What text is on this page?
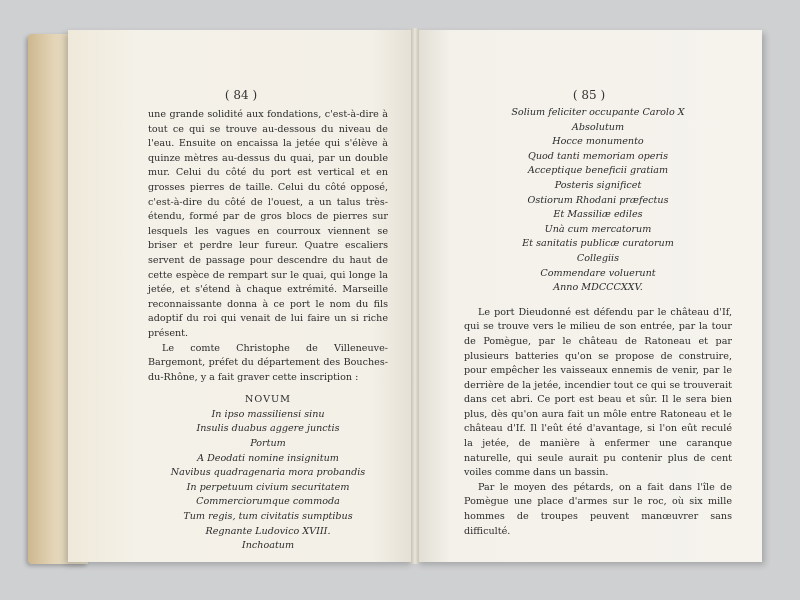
( 84 )

une grande solidité aux fondations, c'est-à-dire à tout ce qui se trouve au-dessous du niveau de l'eau. Ensuite on encaissa la jetée qui s'élève à quinze mètres au-dessus du quai, par un double mur. Celui du côté du port est vertical et en grosses pierres de taille. Celui du côté opposé, c'est-à-dire du côté de l'ouest, a un talus très-étendu, formé par de gros blocs de pierres sur lesquels les vagues en courroux viennent se briser et perdre leur fureur. Quatre escaliers servent de passage pour descendre du haut de cette espèce de rempart sur le quai, qui longe la jetée, et s'étend à chaque extrémité. Marseille reconnaissante donna à ce port le nom du fils adoptif du roi qui venait de lui faire un si riche présent.

Le comte Christophe de Villeneuve-Bargemont, préfet du département des Bouches-du-Rhône, y a fait graver cette inscription :

NOVUM
In ipso massiliensi sinu
Insulis duabus aggere junctis
Portum
A Deodati nomine insignitum
Navibus quadragenaria mora probandis
In perpetuum civium securitatem
Commerciorumque commoda
Tum regis, tum civitatis sumptibus
Regnante Ludovico XVIII.
Inchoatum
( 85 )
Solium feliciter occupante Carolo X
Absolutum
Hocce monumento
Quod tanti memoriam operis
Acceptique beneficii gratiam
Posteris significet
Ostiorum Rhodani præfectus
Et Massiliæ ediles
Unà cum mercatorum
Et sanitatis publicæ curatorum
Collegiis
Commendare voluerunt
Anno MDCCCXXV.

Le port Dieudonné est défendu par le château d'If, qui se trouve vers le milieu de son entrée, par la tour de Pomègue, par le château de Ratoneau et par plusieurs batteries qu'on se propose de construire, pour empêcher les vaisseaux ennemis de venir, par le derrière de la jetée, incendier tout ce qui se trouverait dans cet abri. Ce port est beau et sûr. Il le sera bien plus, dès qu'on aura fait un môle entre Ratoneau et le château d'If. Il l'eût été d'avantage, si l'on eût reculé la jetée, de manière à enfermer une caranque naturelle, qui seule aurait pu contenir plus de cent voiles comme dans un bassin.

Par le moyen des pétards, on a fait dans l'île de Pomègue une place d'armes sur le roc, où six mille hommes de troupes peuvent manœuvrer sans difficulté.
